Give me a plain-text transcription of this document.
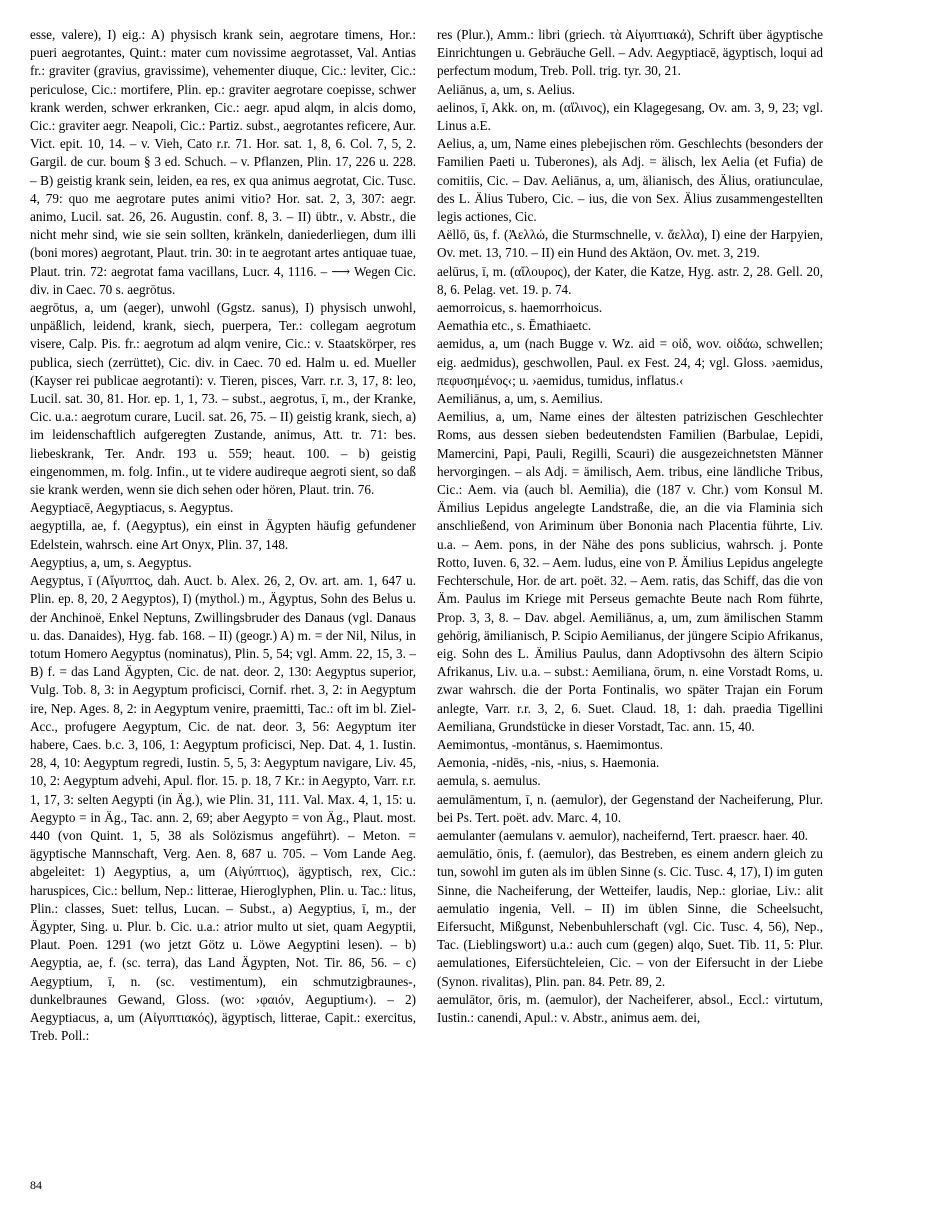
esse, valere), I) eig.: A) physisch krank sein, aegrotare timens, Hor.: pueri aegrotantes, Quint.: mater cum novissime aegrotasset, Val. Antias fr.: graviter (gravius, gravissime), vehementer diuque, Cic.: leviter, Cic.: periculose, Cic.: mortifere, Plin. ep.: graviter aegrotare coepisse, schwer krank werden, schwer erkranken, Cic.: aegr. apud alqm, in alcis domo, Cic.: graviter aegr. Neapoli, Cic.: Partiz. subst., aegrotantes reficere, Aur. Vict. epit. 10, 14. – v. Vieh, Cato r.r. 71. Hor. sat. 1, 8, 6. Col. 7, 5, 2. Gargil. de cur. boum § 3 ed. Schuch. – v. Pflanzen, Plin. 17, 226 u. 228. – B) geistig krank sein, leiden, ea res, ex qua animus aegrotat, Cic. Tusc. 4, 79: quo me aegrotare putes animi vitio? Hor. sat. 2, 3, 307: aegr. animo, Lucil. sat. 26, 26. Augustin. conf. 8, 3. – II) übtr., v. Abstr., die nicht mehr sind, wie sie sein sollten, kränkeln, daniederliegen, dum illi (boni mores) aegrotant, Plaut. trin. 30: in te aegrotant artes antiquae tuae, Plaut. trin. 72: aegrotat fama vacillans, Lucr. 4, 1116. – ⟶ Wegen Cic. div. in Caec. 70 s. aegrōtus.

aegrōtus, a, um (aeger), unwohl (Ggstz. sanus), I) physisch unwohl, unpäßlich, leidend, krank, siech, puerpera, Ter.: collegam aegrotum visere, Calp. Pis. fr.: aegrotum ad alqm venire, Cic.: v. Staatskörper, res publica, siech (zerrüttet), Cic. div. in Caec. 70 ed. Halm u. ed. Mueller (Kayser rei publicae aegrotanti): v. Tieren, pisces, Varr. r.r. 3, 17, 8: leo, Lucil. sat. 30, 81. Hor. ep. 1, 1, 73. – subst., aegrotus, ī, m., der Kranke, Cic. u.a.: aegrotum curare, Lucil. sat. 26, 75. – II) geistig krank, siech, a) im leidenschaftlich aufgeregten Zustande, animus, Att. tr. 71: bes. liebeskrank, Ter. Andr. 193 u. 559; heaut. 100. – b) geistig eingenommen, m. folg. Infin., ut te videre audireque aegroti sient, so daß sie krank werden, wenn sie dich sehen oder hören, Plaut. trin. 76.

Aegyptiacē, Aegyptiacus, s. Aegyptus.

aegyptilla, ae, f. (Aegyptus), ein einst in Ägypten häufig gefundener Edelstein, wahrsch. eine Art Onyx, Plin. 37, 148.

Aegyptius, a, um, s. Aegyptus.

Aegyptus, ī (Αἴγυπτος, dah. Auct. b. Alex. 26, 2, Ov. art. am. 1, 647 u. Plin. ep. 8, 20, 2 Aegyptos), I) (mythol.) m., Ägyptus, Sohn des Belus u. der Anchinoë, Enkel Neptuns, Zwillingsbruder des Danaus (vgl. Danaus u. das. Danaides), Hyg. fab. 168. – II) (geogr.) A) m. = der Nil, Nilus, in totum Homero Aegyptus (nominatus), Plin. 5, 54; vgl. Amm. 22, 15, 3. – B) f. = das Land Ägypten, Cic. de nat. deor. 2, 130: Aegyptus superior, Vulg. Tob. 8, 3: in Aegyptum proficisci, Cornif. rhet. 3, 2: in Aegyptum ire, Nep. Ages. 8, 2: in Aegyptum venire, praemitti, Tac.: oft im bl. Ziel-Acc., profugere Aegyptum, Cic. de nat. deor. 3, 56: Aegyptum iter habere, Caes. b.c. 3, 106, 1: Aegyptum proficisci, Nep. Dat. 4, 1. Iustin. 28, 4, 10: Aegyptum regredi, Iustin. 5, 5, 3: Aegyptum navigare, Liv. 45, 10, 2: Aegyptum advehi, Apul. flor. 15. p. 18, 7 Kr.: in Aegypto, Varr. r.r. 1, 17, 3: selten Aegypti (in Äg.), wie Plin. 31, 111. Val. Max. 4, 1, 15: u. Aegypto = in Äg., Tac. ann. 2, 69; aber Aegypto = von Äg., Plaut. most. 440 (von Quint. 1, 5, 38 als Solözismus angeführt). – Meton. = ägyptische Mannschaft, Verg. Aen. 8, 687 u. 705. – Vom Lande Aeg. abgeleitet: 1) Aegyptius, a, um (Αἰγύπτιος), ägyptisch, rex, Cic.: haruspices, Cic.: bellum, Nep.: litterae, Hieroglyphen, Plin. u. Tac.: litus, Plin.: classes, Suet: tellus, Lucan. – Subst., a) Aegyptius, ī, m., der Ägypter, Sing. u. Plur. b. Cic. u.a.: atrior multo ut siet, quam Aegyptii, Plaut. Poen. 1291 (wo jetzt Götz u. Löwe Aegyptini lesen). – b) Aegyptia, ae, f. (sc. terra), das Land Ägypten, Not. Tir. 86, 56. – c) Aegyptium, ī, n. (sc. vestimentum), ein schmutzigbraunes-, dunkelbraunes Gewand, Gloss. (wo: ›φαιόν, Aeguptium‹). – 2) Aegyptiacus, a, um (Αἰγυπτιακός), ägyptisch, litterae, Capit.: exercitus, Treb. Poll.:

res (Plur.), Amm.: libri (griech. τὰ Αἰγυπτιακά), Schrift über ägyptische Einrichtungen u. Gebräuche Gell. – Adv. Aegyptiacē, ägyptisch, loqui ad perfectum modum, Treb. Poll. trig. tyr. 30, 21.

Aeliānus, a, um, s. Aelius.

aelinos, ī, Akk. on, m. (αἴλινος), ein Klagegesang, Ov. am. 3, 9, 23; vgl. Linus a.E.

Aelius, a, um, Name eines plebejischen röm. Geschlechts (besonders der Familien Paeti u. Tuberones), als Adj. = älisch, lex Aelia (et Fufia) de comitiis, Cic. – Dav. Aeliānus, a, um, älianisch, des Älius, oratiunculae, des L. Älius Tubero, Cic. – ius, die von Sex. Älius zusammengestellten legis actiones, Cic.

Aëllō, ūs, f. (Ἀελλώ, die Sturmschnelle, v. ἄελλα), I) eine der Harpyien, Ov. met. 13, 710. – II) ein Hund des Aktäon, Ov. met. 3, 219.

aelūrus, ī, m. (αἴλουρος), der Kater, die Katze, Hyg. astr. 2, 28. Gell. 20, 8, 6. Pelag. vet. 19. p. 74.

aemorroicus, s. haemorrhoicus.

Aemathia etc., s. Ēmathiaetc.

aemidus, a, um (nach Bugge v. Wz. aid = οἰδ, wov. οἰδάω, schwellen; eig. aedmidus), geschwollen, Paul. ex Fest. 24, 4; vgl. Gloss. ›aemidus, πεφυσημένος‹; u. ›aemidus, tumidus, inflatus.‹

Aemiliānus, a, um, s. Aemilius.

Aemilius, a, um, Name eines der ältesten patrizischen Geschlechter Roms, aus dessen sieben bedeutendsten Familien (Barbulae, Lepidi, Mamercini, Papi, Pauli, Regilli, Scauri) die ausgezeichnetsten Männer hervorgingen. – als Adj. = ämilisch, Aem. tribus, eine ländliche Tribus, Cic.: Aem. via (auch bl. Aemilia), die (187 v. Chr.) vom Konsul M. Ämilius Lepidus angelegte Landstraße, die, an die via Flaminia sich anschließend, von Ariminum über Bononia nach Placentia führte, Liv. u.a. – Aem. pons, in der Nähe des pons sublicius, wahrsch. j. Ponte Rotto, Iuven. 6, 32. – Aem. ludus, eine von P. Ämilius Lepidus angelegte Fechterschule, Hor. de art. poët. 32. – Aem. ratis, das Schiff, das die von Äm. Paulus im Kriege mit Perseus gemachte Beute nach Rom führte, Prop. 3, 3, 8. – Dav. abgel. Aemiliānus, a, um, zum ämilischen Stamm gehörig, ämilianisch, P. Scipio Aemilianus, der jüngere Scipio Afrikanus, eig. Sohn des L. Ämilius Paulus, dann Adoptivsohn des ältern Scipio Afrikanus, Liv. u.a. – subst.: Aemiliana, ōrum, n. eine Vorstadt Roms, u. zwar wahrsch. die der Porta Fontinalis, wo später Trajan ein Forum anlegte, Varr. r.r. 3, 2, 6. Suet. Claud. 18, 1: dah. praedia Tigellini Aemiliana, Grundstücke in dieser Vorstadt, Tac. ann. 15, 40.

Aemimontus, -montānus, s. Haemimontus.

Aemonia, -nidēs, -nis, -nius, s. Haemonia.

aemula, s. aemulus.

aemulāmentum, ī, n. (aemulor), der Gegenstand der Nacheiferung, Plur. bei Ps. Tert. poët. adv. Marc. 4, 10.

aemulanter (aemulans v. aemulor), nacheifernd, Tert. praescr. haer. 40.

aemulātio, ōnis, f. (aemulor), das Bestreben, es einem andern gleich zu tun, sowohl im guten als im üblen Sinne (s. Cic. Tusc. 4, 17), I) im guten Sinne, die Nacheiferung, der Wetteifer, laudis, Nep.: gloriae, Liv.: alit aemulatio ingenia, Vell. – II) im üblen Sinne, die Scheelsucht, Eifersucht, Mißgunst, Nebenbuhlerschaft (vgl. Cic. Tusc. 4, 56), Nep., Tac. (Lieblingswort) u.a.: auch cum (gegen) alqo, Suet. Tib. 11, 5: Plur. aemulationes, Eifersüchteleien, Cic. – von der Eifersucht in der Liebe (Synon. rivalitas), Plin. pan. 84. Petr. 89, 2.

aemulātor, ōris, m. (aemulor), der Nacheiferer, absol., Eccl.: virtutum, Iustin.: canendi, Apul.: v. Abstr., animus aem. dei,

84
